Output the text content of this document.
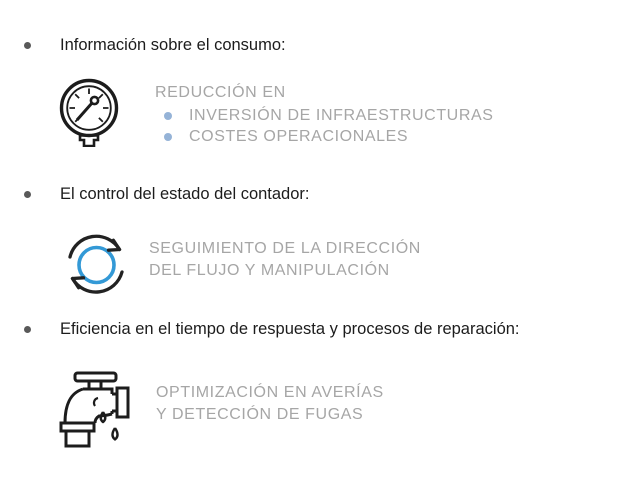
Información sobre el consumo:
REDUCCIÓN EN
INVERSIÓN DE INFRAESTRUCTURAS
COSTES OPERACIONALES
El control del estado del contador:
SEGUIMIENTO DE LA DIRECCIÓN
DEL FLUJO Y MANIPULACIÓN
Eficiencia en el tiempo de respuesta y procesos de reparación:
OPTIMIZACIÓN EN AVERÍAS
Y DETECCIÓN DE FUGAS
